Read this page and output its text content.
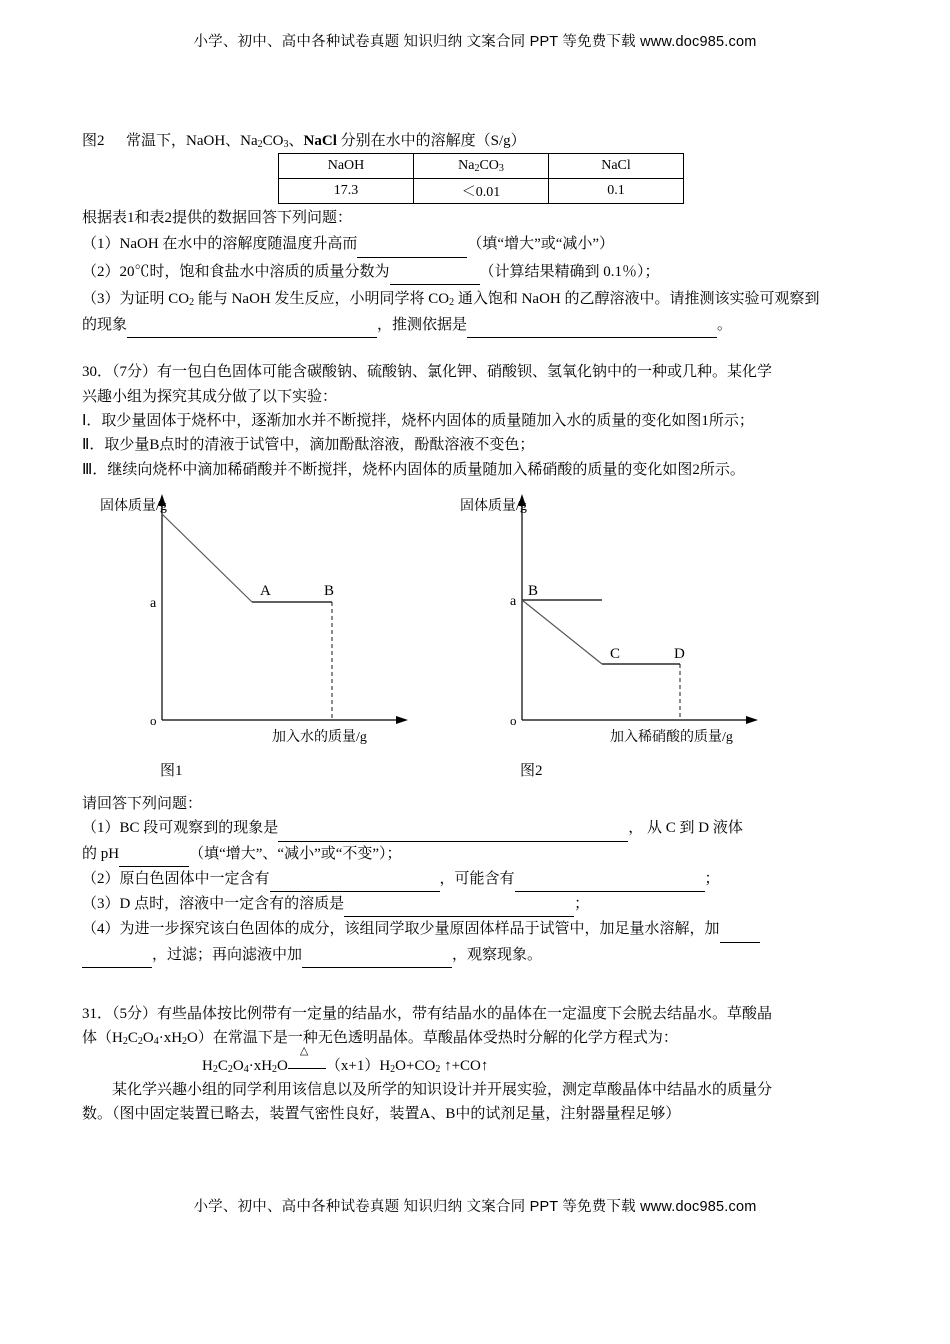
小学、初中、高中各种试卷真题 知识归纳 文案合同 PPT 等免费下载 www.doc985.com
图2 常温下，NaOH、$Na_2CO_3$、NaCl 分别在水中的溶解度（S/g）
NaOH	$Na_2CO_3$	NaCl
17.3	＜0.01	0.1
根据表1和表2提供的数据回答下列问题：
（1）NaOH 在水中的溶解度随温度升高而	（填“增大”或“减小”）
（2）20℃时，饱和食盐水中溶质的质量分数为	（计算结果精确到 0.1％）；
（3）为证明 $CO_2$ 能与 NaOH 发生反应，小明同学将 $CO_2$ 通入饱和 NaOH 的乙醇溶液中。请推测该实验可观察到
的现象	，推测依据是	。
30．（7分）有一包白色固体可能含碳酸钠、硫酸钠、氯化钾、硝酸钡、氢氧化钠中的一种或几种。某化学
兴趣小组为探究其成分做了以下实验：
Ⅰ．取少量固体于烧杯中，逐渐加水并不断搅拌，烧杯内固体的质量随加入水的质量的变化如图1所示；
Ⅱ．取少量B点时的清液于试管中，滴加酚酞溶液，酚酞溶液不变色；
Ⅲ．继续向烧杯中滴加稀硝酸并不断搅拌，烧杯内固体的质量随加入稀硝酸的质量的变化如图2所示。
a
o
A	B
固体质量/g
加入水的质量/g
图1
a
o
B
C	D
固体质量/g
加入稀硝酸的质量/g
图2
请回答下列问题：
（1）BC 段可观察到的现象是	， 从 C 到 D 液体
的 pH	（填“增大”、“减小”或“不变”）；
（2）原白色固体中一定含有	，可能含有	；
（3）D 点时，溶液中一定含有的溶质是	；
（4）为进一步探究该白色固体的成分，该组同学取少量原固体样品于试管中，加足量水溶解，加
，过滤；再向滤液中加	，观察现象。
31．（5分）有些晶体按比例带有一定量的结晶水，带有结晶水的晶体在一定温度下会脱去结晶水。草酸晶
体$(H_2C_2O_4\cdot xH_2O)$在常温下是一种无色透明晶体。草酸晶体受热时分解的化学方程式为：
$H_2C_2O_4\cdot xH_2O$
△
$(x+1)H_2O+CO_2$ ↑+CO↑
某化学兴趣小组的同学利用该信息以及所学的知识设计并开展实验，测定草酸晶体中结晶水的质量分
数。（图中固定装置已略去，装置气密性良好，装置A、B中的试剂足量，注射器量程足够）
小学、初中、高中各种试卷真题 知识归纳 文案合同 PPT 等免费下载 www.doc985.com
